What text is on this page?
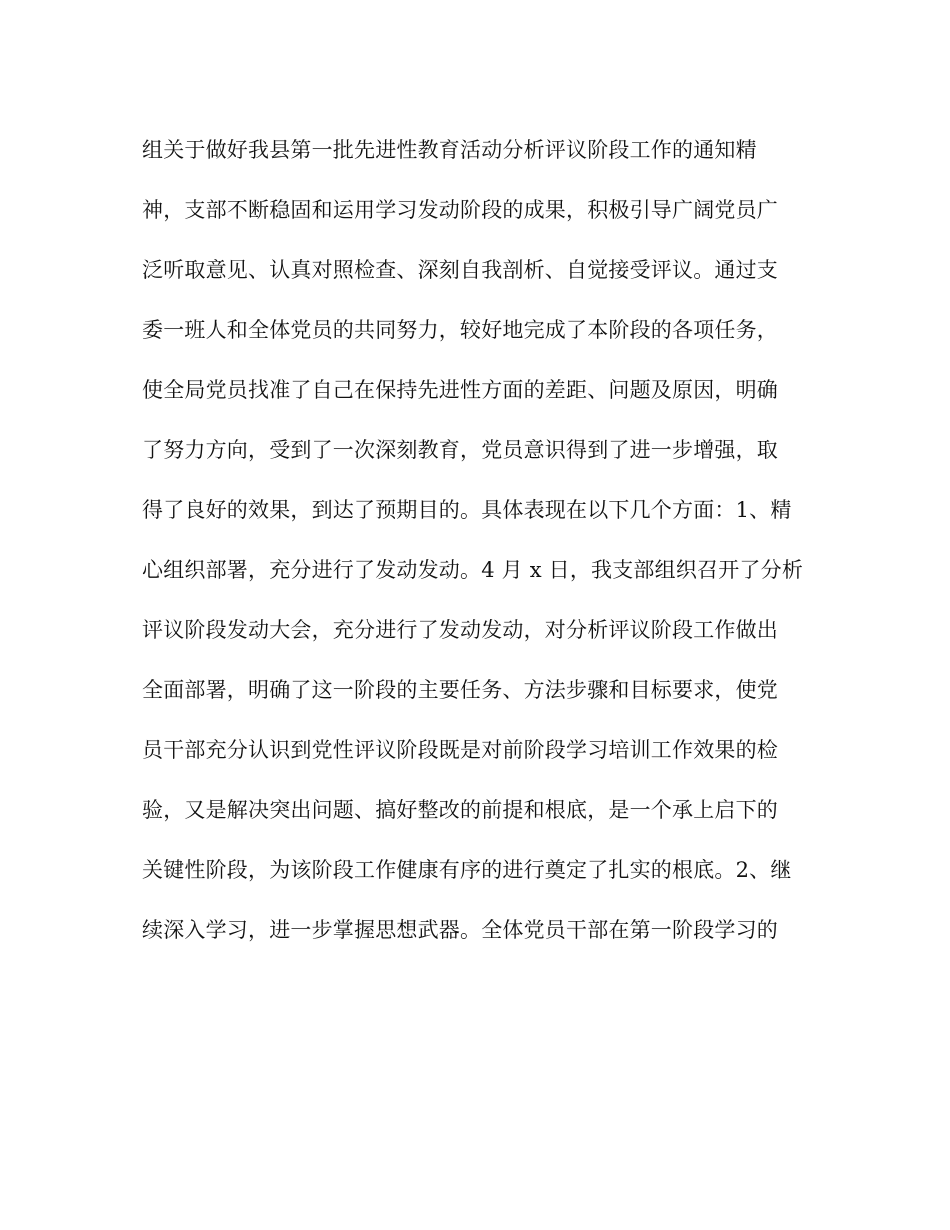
组关于做好我县第一批先进性教育活动分析评议阶段工作的通知精
神，支部不断稳固和运用学习发动阶段的成果，积极引导广阔党员广
泛听取意见、认真对照检查、深刻自我剖析、自觉接受评议。通过支
委一班人和全体党员的共同努力，较好地完成了本阶段的各项任务，
使全局党员找准了自己在保持先进性方面的差距、问题及原因，明确
了努力方向，受到了一次深刻教育，党员意识得到了进一步增强，取
得了良好的效果，到达了预期目的。具体表现在以下几个方面：1、精
心组织部署，充分进行了发动发动。4 月 x 日，我支部组织召开了分析
评议阶段发动大会，充分进行了发动发动，对分析评议阶段工作做出
全面部署，明确了这一阶段的主要任务、方法步骤和目标要求，使党
员干部充分认识到党性评议阶段既是对前阶段学习培训工作效果的检
验，又是解决突出问题、搞好整改的前提和根底，是一个承上启下的
关键性阶段，为该阶段工作健康有序的进行奠定了扎实的根底。2、继
续深入学习，进一步掌握思想武器。全体党员干部在第一阶段学习的
